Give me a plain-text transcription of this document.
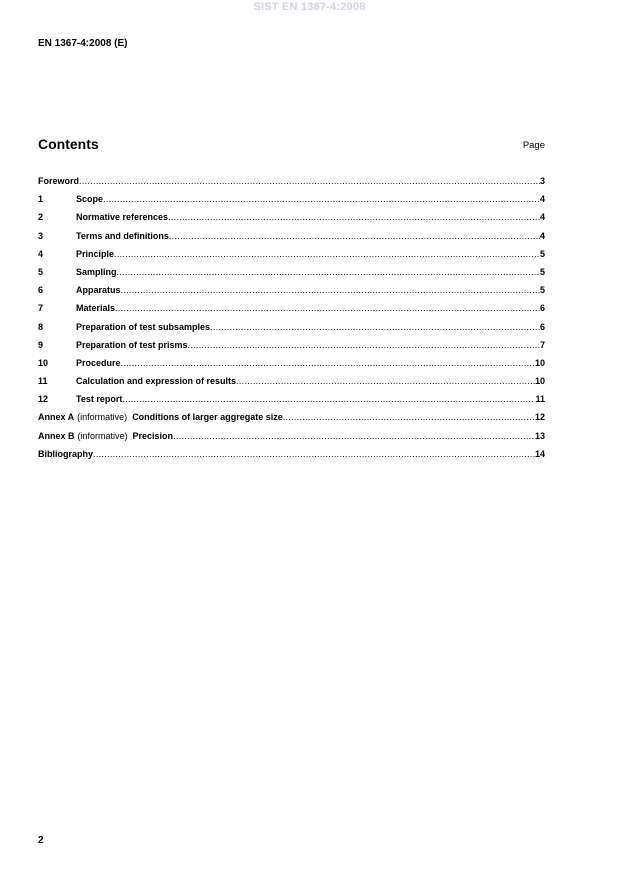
SIST EN 1367-4:2008
EN 1367-4:2008 (E)
Contents	Page
Foreword .....	3
1	Scope .....	4
2	Normative references .....	4
3	Terms and definitions .....	4
4	Principle .....	5
5	Sampling .....	5
6	Apparatus .....	5
7	Materials .....	6
8	Preparation of test subsamples .....	6
9	Preparation of test prisms .....	7
10	Procedure .....	10
11	Calculation and expression of results .....	10
12	Test report .....	11
Annex A (informative) Conditions of larger aggregate size .....	12
Annex B (informative) Precision .....	13
Bibliography .....	14
2
